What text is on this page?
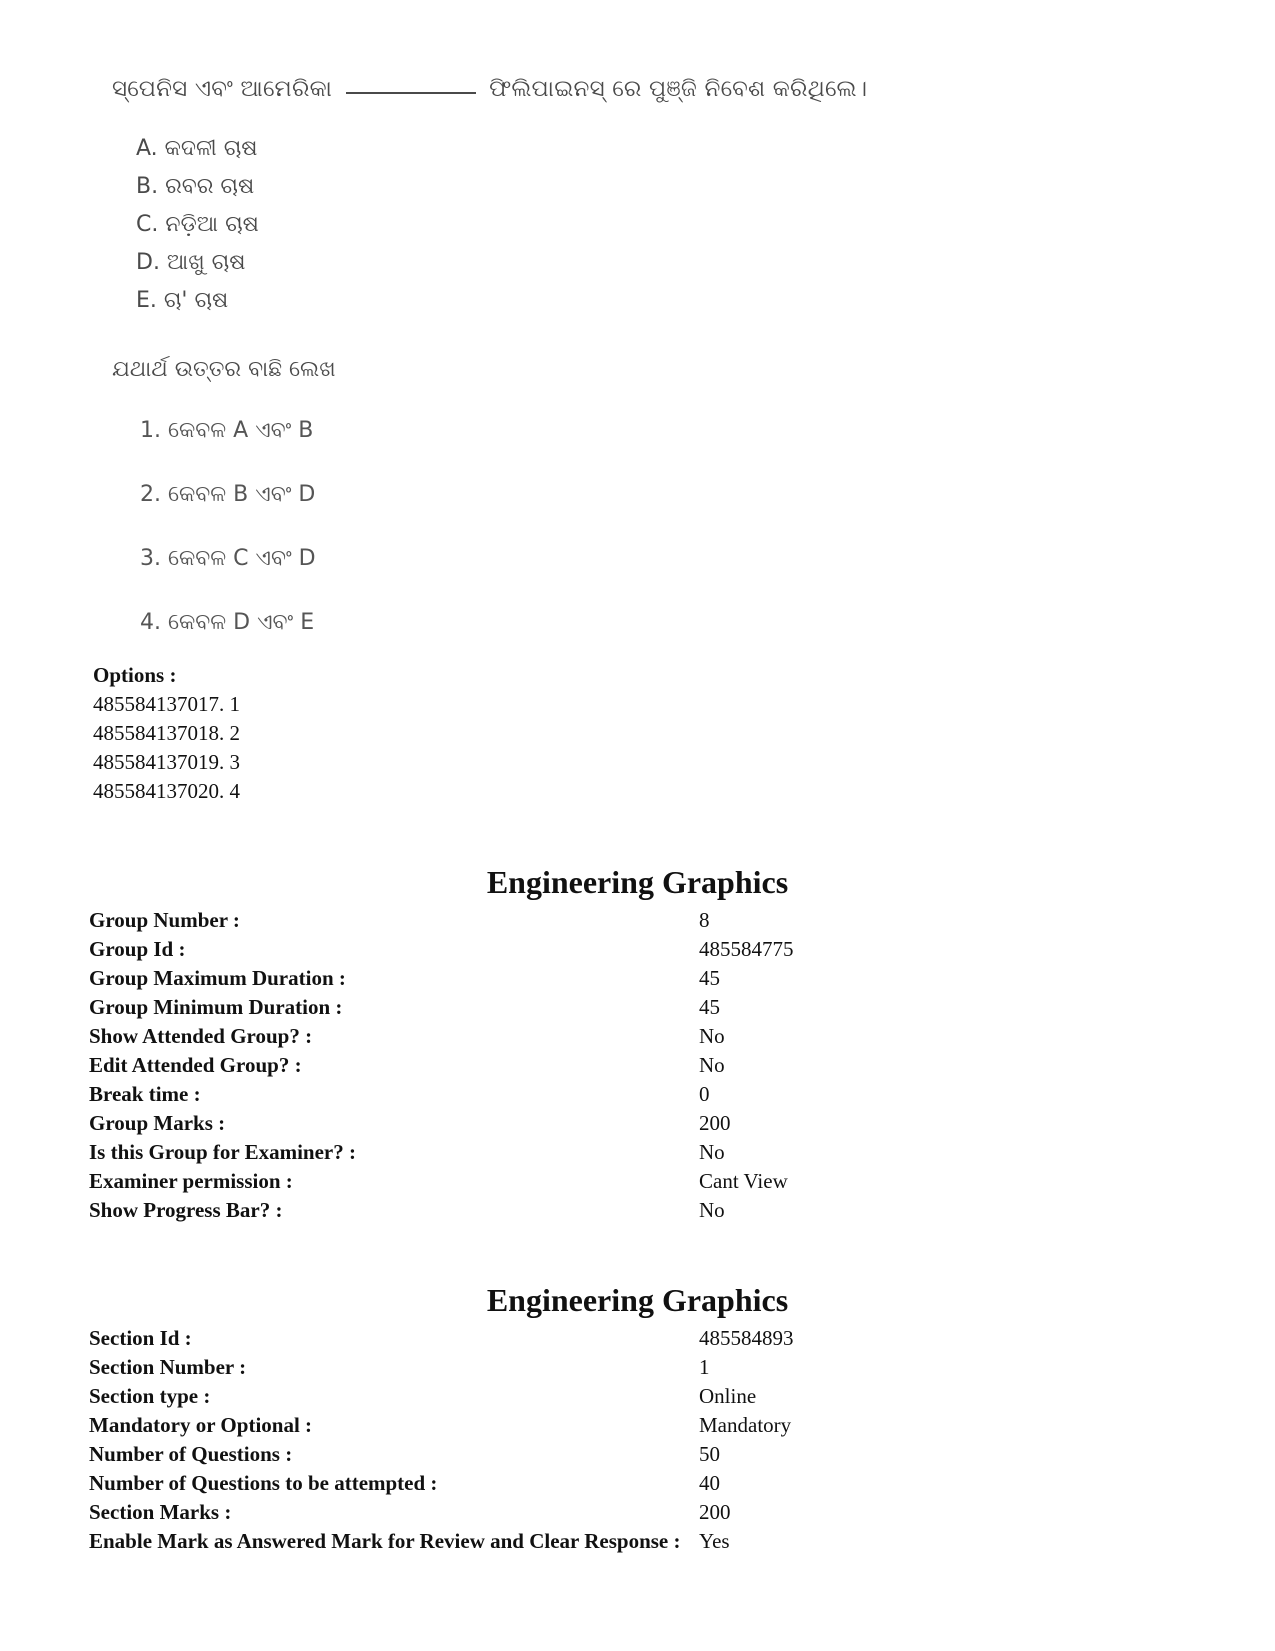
ସ୍ପେନିସ ଏବଂ ଆମେରିକା	ଫିଲିପାଇନସ୍ ରେ ପୁଞ୍ଜି ନିବେଶ କରିଥିଲେ।
A. କଦଳୀ ଚାଷ
B. ରବର ଚାଷ
C. ନଡ଼ିଆ ଚାଷ
D. ଆଖୁ ଚାଷ
E. ଚା' ଚାଷ
ଯଥାର୍ଥ ଉତ୍ତର ବାଛି ଲେଖ
1. କେବଳ A ଏବଂ B
2. କେବଳ B ଏବଂ D
3. କେବଳ C ଏବଂ D
4. କେବଳ D ଏବଂ E
Options :
485584137017. 1
485584137018. 2
485584137019. 3
485584137020. 4
Engineering Graphics
Group Number :	8
Group Id :	485584775
Group Maximum Duration :	45
Group Minimum Duration :	45
Show Attended Group? :	No
Edit Attended Group? :	No
Break time :	0
Group Marks :	200
Is this Group for Examiner? :	No
Examiner permission :	Cant View
Show Progress Bar? :	No
Engineering Graphics
Section Id :	485584893
Section Number :	1
Section type :	Online
Mandatory or Optional :	Mandatory
Number of Questions :	50
Number of Questions to be attempted :	40
Section Marks :	200
Enable Mark as Answered Mark for Review and Clear Response : Yes
